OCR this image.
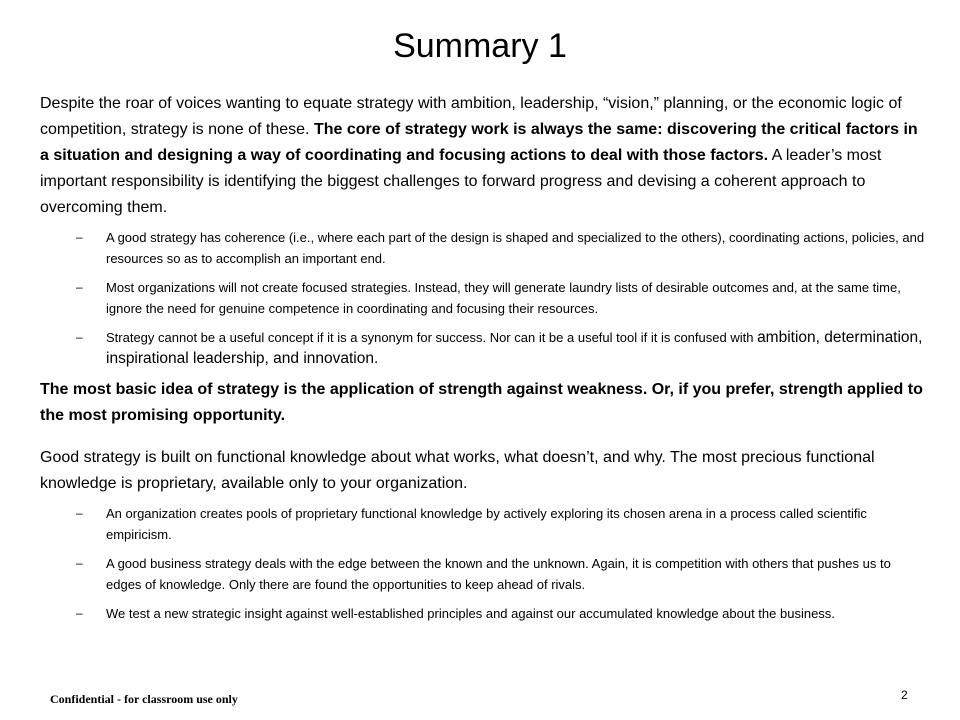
Summary 1

Despite the roar of voices wanting to equate strategy with ambition, leadership, “vision,” planning, or the economic logic of competition, strategy is none of these. The core of strategy work is always the same: discovering the critical factors in a situation and designing a way of coordinating and focusing actions to deal with those factors. A leader’s most important responsibility is identifying the biggest challenges to forward progress and devising a coherent approach to overcoming them.

– A good strategy has coherence (i.e., where each part of the design is shaped and specialized to the others), coordinating actions, policies, and resources so as to accomplish an important end.
– Most organizations will not create focused strategies. Instead, they will generate laundry lists of desirable outcomes and, at the same time, ignore the need for genuine competence in coordinating and focusing their resources.
– Strategy cannot be a useful concept if it is a synonym for success. Nor can it be a useful tool if it is confused with ambition, determination, inspirational leadership, and innovation.

The most basic idea of strategy is the application of strength against weakness. Or, if you prefer, strength applied to the most promising opportunity.

Good strategy is built on functional knowledge about what works, what doesn’t, and why. The most precious functional knowledge is proprietary, available only to your organization.

– An organization creates pools of proprietary functional knowledge by actively exploring its chosen arena in a process called scientific empiricism.
– A good business strategy deals with the edge between the known and the unknown. Again, it is competition with others that pushes us to edges of knowledge. Only there are found the opportunities to keep ahead of rivals.
– We test a new strategic insight against well-established principles and against our accumulated knowledge about the business.
Confidential - for classroom use only	2
